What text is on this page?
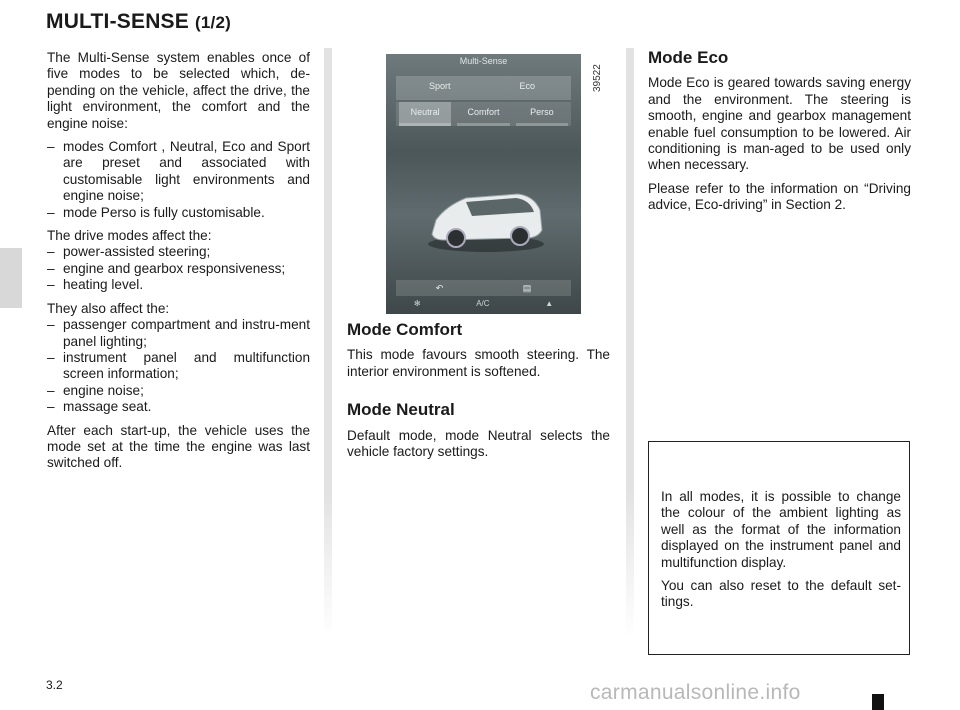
MULTI-SENSE (1/2)

The Multi-Sense system enables once of five modes to be selected which, de-pending on the vehicle, affect the drive, the light environment, the comfort and the engine noise:

– modes Comfort , Neutral, Eco and Sport are preset and associated with customisable light environments and engine noise;
– mode Perso is fully customisable.

The drive modes affect the:

– power-assisted steering;
– engine and gearbox responsiveness;
– heating level.

They also affect the:

– passenger compartment and instru-ment panel lighting;
– instrument panel and multifunction screen information;
– engine noise;
– massage seat.

After each start-up, the vehicle uses the mode set at the time the engine was last switched off.

Multi-Sense
Sport	Eco
Neutral	Comfort	Perso
↶	▤
✻	A/C	▲
39522
Mode Comfort

This mode favours smooth steering. The interior environment is softened.

Mode Neutral

Default mode, mode Neutral selects the vehicle factory settings.

Mode Eco

Mode Eco is geared towards saving energy and the environment. The steering is smooth, engine and gearbox management enable fuel consumption to be lowered. Air conditioning is man-aged to be used only when necessary.

Please refer to the information on “Driving advice, Eco-driving” in Section 2.

In all modes, it is possible to change the colour of the ambient lighting as well as the format of the information displayed on the instrument panel and multifunction display.

You can also reset to the default set-tings.

3.2	carmanualsonline.info
